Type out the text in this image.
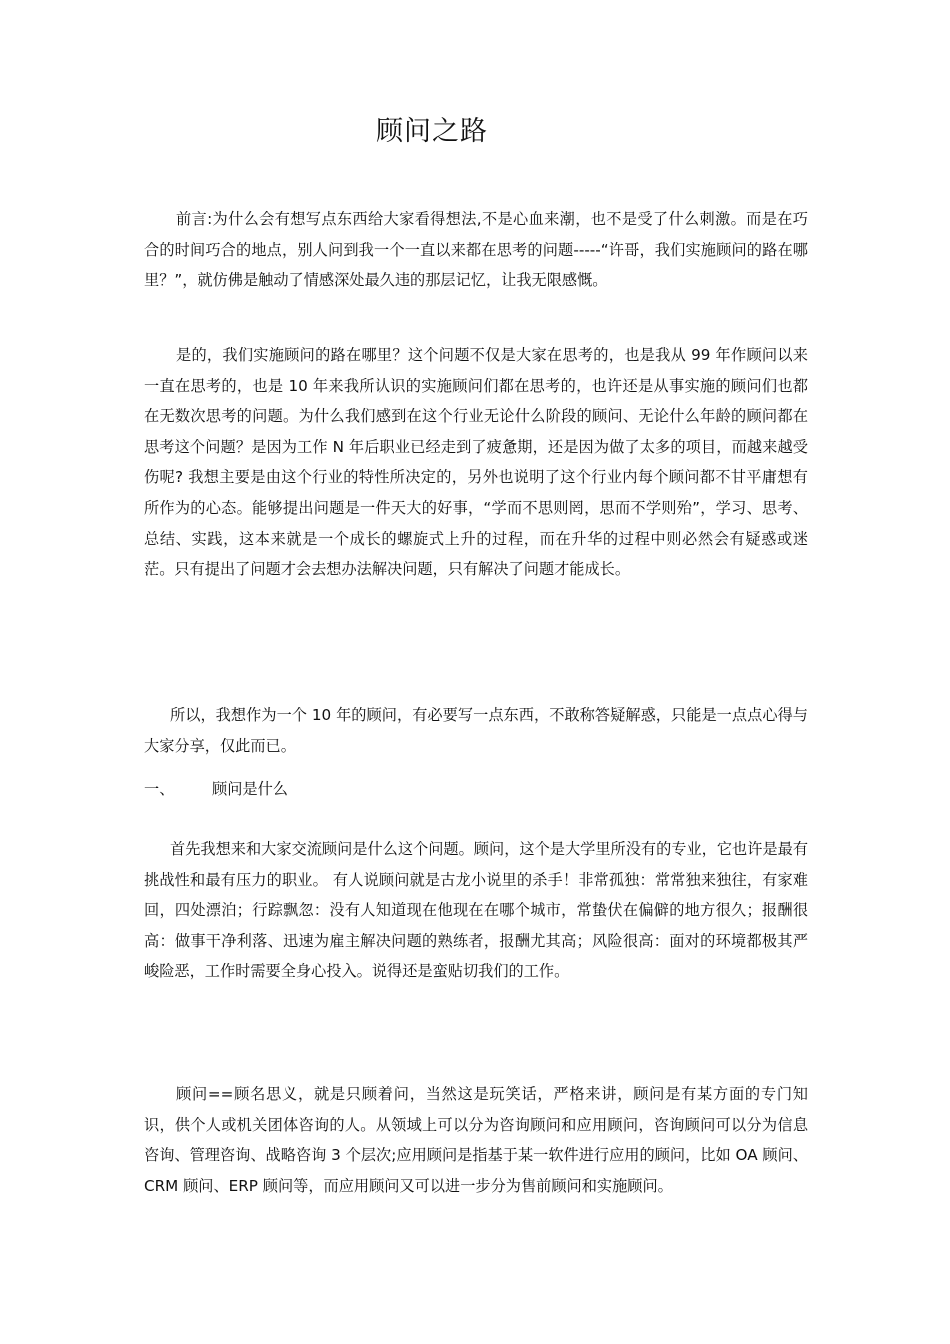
顾问之路
前言:为什么会有想写点东西给大家看得想法,不是心血来潮，也不是受了什么刺激。而是在巧合的时间巧合的地点，别人问到我一个一直以来都在思考的问题-----“许哥，我们实施顾问的路在哪里？”，就仿佛是触动了情感深处最久违的那层记忆，让我无限感慨。
是的，我们实施顾问的路在哪里？这个问题不仅是大家在思考的，也是我从 99 年作顾问以来一直在思考的，也是 10 年来我所认识的实施顾问们都在思考的，也许还是从事实施的顾问们也都在无数次思考的问题。为什么我们感到在这个行业无论什么阶段的顾问、无论什么年龄的顾问都在思考这个问题？是因为工作 N 年后职业已经走到了疲惫期，还是因为做了太多的项目，而越来越受伤呢? 我想主要是由这个行业的特性所决定的，另外也说明了这个行业内每个顾问都不甘平庸想有所作为的心态。能够提出问题是一件天大的好事，“学而不思则罔，思而不学则殆”，学习、思考、总结、实践，这本来就是一个成长的螺旋式上升的过程，而在升华的过程中则必然会有疑惑或迷茫。只有提出了问题才会去想办法解决问题，只有解决了问题才能成长。
所以，我想作为一个 10 年的顾问，有必要写一点东西，不敢称答疑解惑，只能是一点点心得与大家分享，仅此而已。
一、 顾问是什么
首先我想来和大家交流顾问是什么这个问题。顾问，这个是大学里所没有的专业，它也许是最有挑战性和最有压力的职业。 有人说顾问就是古龙小说里的杀手！非常孤独：常常独来独往，有家难回，四处漂泊；行踪飘忽：没有人知道现在他现在在哪个城市，常蛰伏在偏僻的地方很久；报酬很高：做事干净利落、迅速为雇主解决问题的熟练者，报酬尤其高；风险很高：面对的环境都极其严峻险恶，工作时需要全身心投入。说得还是蛮贴切我们的工作。
顾问==顾名思义，就是只顾着问，当然这是玩笑话，严格来讲，顾问是有某方面的专门知识，供个人或机关团体咨询的人。从领域上可以分为咨询顾问和应用顾问，咨询顾问可以分为信息咨询、管理咨询、战略咨询 3 个层次;应用顾问是指基于某一软件进行应用的顾问，比如 OA 顾问、CRM 顾问、ERP 顾问等，而应用顾问又可以进一步分为售前顾问和实施顾问。
